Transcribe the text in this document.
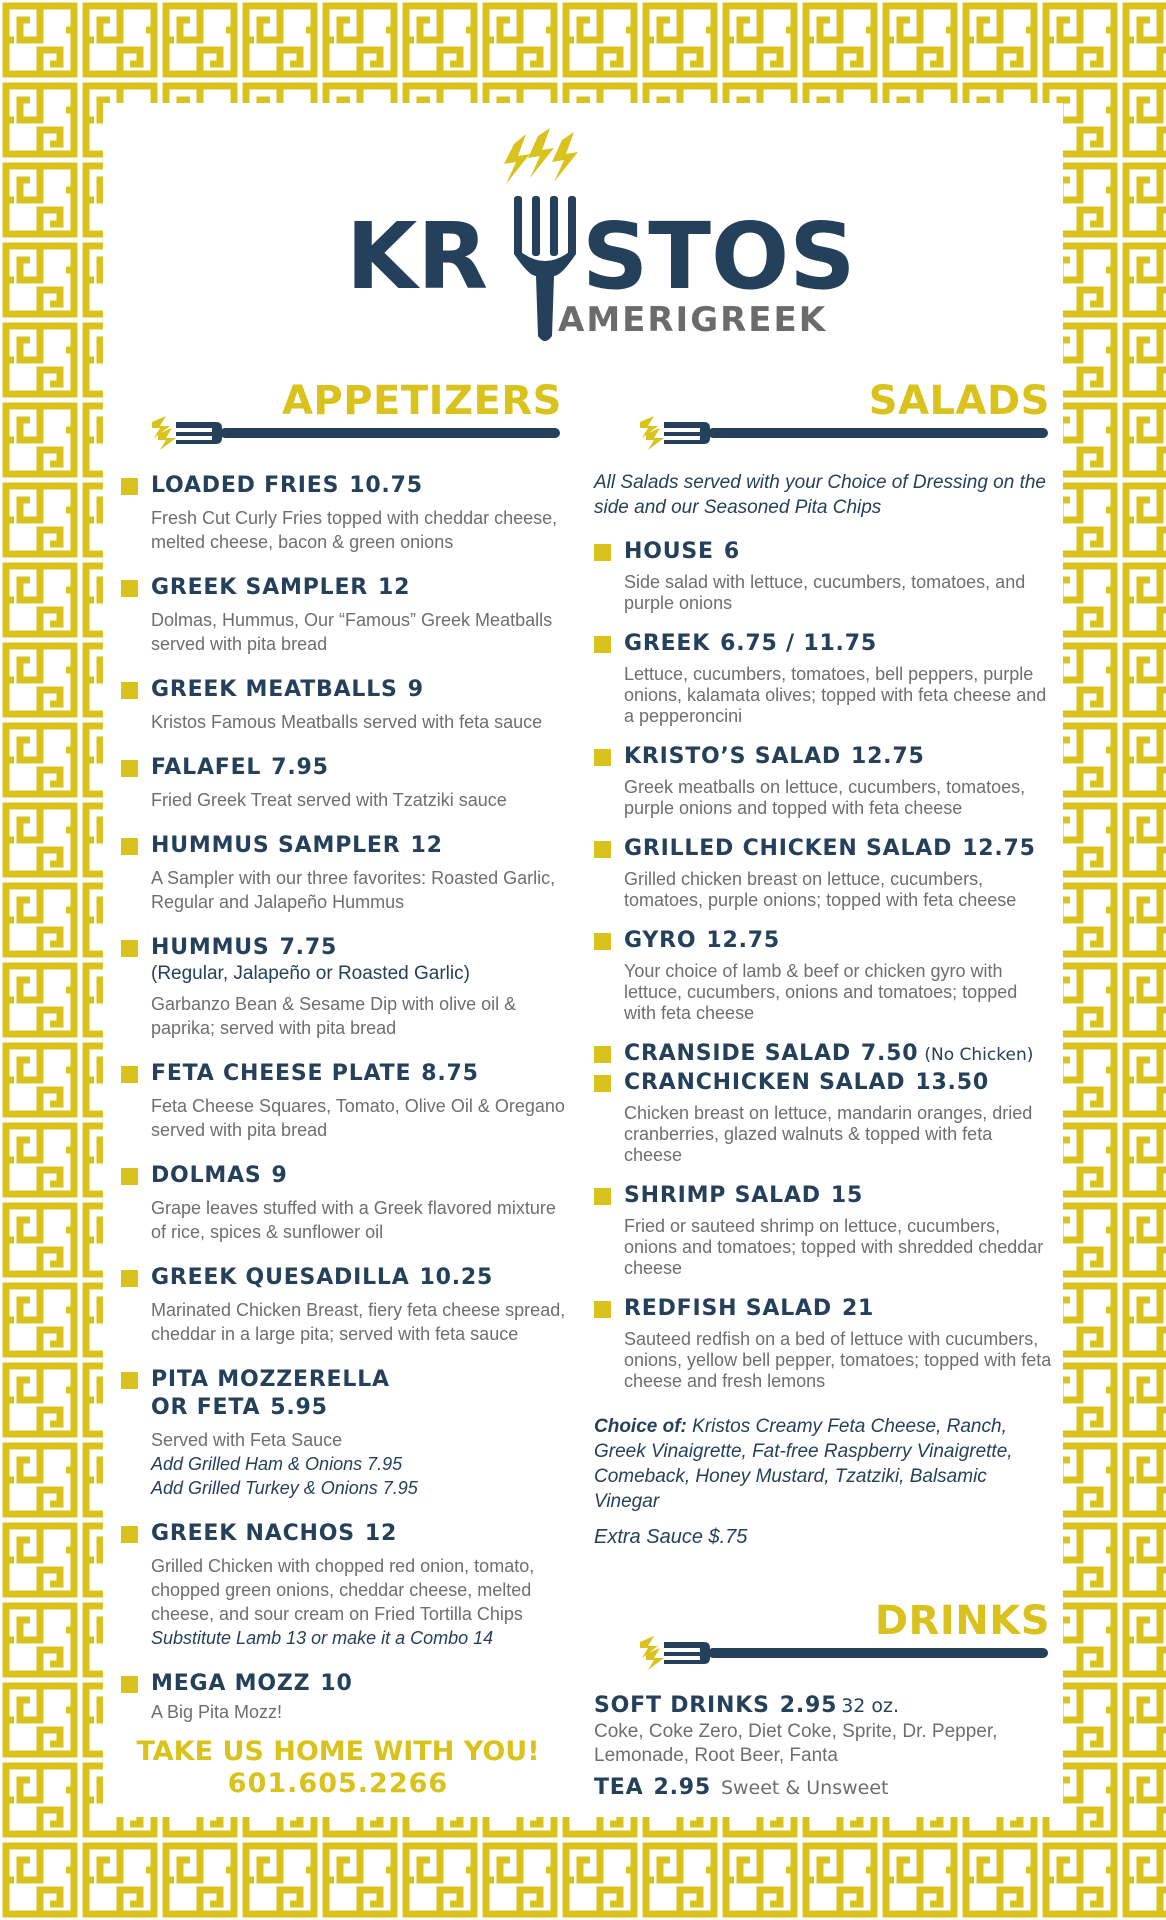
KR STOS
AMERIGREEK
APPETIZERS	SALADS
LOADED FRIES 10.75
Fresh Cut Curly Fries topped with cheddar cheese, melted cheese, bacon & green onions
GREEK SAMPLER 12
Dolmas, Hummus, Our “Famous” Greek Meatballs served with pita bread
GREEK MEATBALLS 9
Kristos Famous Meatballs served with feta sauce
FALAFEL 7.95
Fried Greek Treat served with Tzatziki sauce
HUMMUS SAMPLER 12
A Sampler with our three favorites: Roasted Garlic, Regular and Jalapeño Hummus
HUMMUS 7.75
(Regular, Jalapeño or Roasted Garlic)
Garbanzo Bean & Sesame Dip with olive oil & paprika; served with pita bread
FETA CHEESE PLATE 8.75
Feta Cheese Squares, Tomato, Olive Oil & Oregano served with pita bread
DOLMAS 9
Grape leaves stuffed with a Greek flavored mixture of rice, spices & sunflower oil
GREEK QUESADILLA 10.25
Marinated Chicken Breast, fiery feta cheese spread, cheddar in a large pita; served with feta sauce
PITA MOZZERELLA
OR FETA 5.95
Served with Feta Sauce
Add Grilled Ham & Onions 7.95
Add Grilled Turkey & Onions 7.95
GREEK NACHOS 12
Grilled Chicken with chopped red onion, tomato, chopped green onions, cheddar cheese, melted cheese, and sour cream on Fried Tortilla Chips
Substitute Lamb 13 or make it a Combo 14
MEGA MOZZ 10
A Big Pita Mozz!
TAKE US HOME WITH YOU!
601.605.2266
All Salads served with your Choice of Dressing on the side and our Seasoned Pita Chips
HOUSE 6
Side salad with lettuce, cucumbers, tomatoes, and purple onions
GREEK 6.75 / 11.75
Lettuce, cucumbers, tomatoes, bell peppers, purple onions, kalamata olives; topped with feta cheese and a pepperoncini
KRISTO’S SALAD 12.75
Greek meatballs on lettuce, cucumbers, tomatoes, purple onions and topped with feta cheese
GRILLED CHICKEN SALAD 12.75
Grilled chicken breast on lettuce, cucumbers, tomatoes, purple onions; topped with feta cheese
GYRO 12.75
Your choice of lamb & beef or chicken gyro with lettuce, cucumbers, onions and tomatoes; topped with feta cheese
CRANSIDE SALAD 7.50 (No Chicken)
CRANCHICKEN SALAD 13.50
Chicken breast on lettuce, mandarin oranges, dried cranberries, glazed walnuts & topped with feta cheese
SHRIMP SALAD 15
Fried or sauteed shrimp on lettuce, cucumbers, onions and tomatoes; topped with shredded cheddar cheese
REDFISH SALAD 21
Sauteed redfish on a bed of lettuce with cucumbers, onions, yellow bell pepper, tomatoes; topped with feta cheese and fresh lemons
Choice of: Kristos Creamy Feta Cheese, Ranch, Greek Vinaigrette, Fat-free Raspberry Vinaigrette, Comeback, Honey Mustard, Tzatziki, Balsamic Vinegar
Extra Sauce $.75
DRINKS
SOFT DRINKS 2.95 32 oz.
Coke, Coke Zero, Diet Coke, Sprite, Dr. Pepper, Lemonade, Root Beer, Fanta
TEA 2.95 Sweet & Unsweet
